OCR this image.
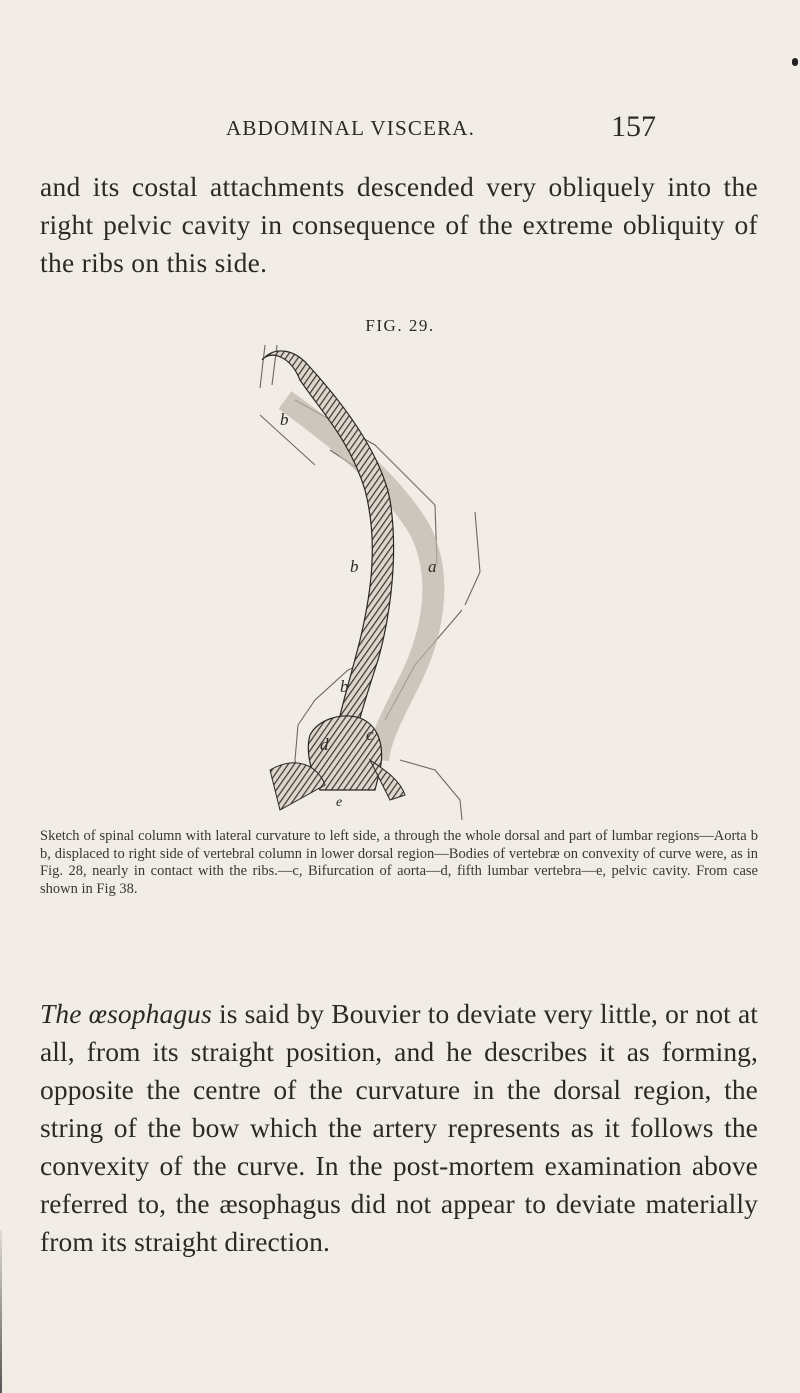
ABDOMINAL VISCERA.	157

and its costal attachments descended very obliquely into the right pelvic cavity in consequence of the extreme obliquity of the ribs on this side.

FIG. 29.
b
b
b
a
c
d
e

Sketch of spinal column with lateral curvature to left side, a through the whole dorsal and part of lumbar regions—Aorta b b, displaced to right side of vertebral column in lower dorsal region—Bodies of vertebræ on convexity of curve were, as in Fig. 28, nearly in contact with the ribs.—c, Bifurcation of aorta—d, fifth lumbar vertebra—e, pelvic cavity. From case shown in Fig 38.

The œsophagus is said by Bouvier to deviate very little, or not at all, from its straight position, and he describes it as forming, opposite the centre of the curvature in the dorsal region, the string of the bow which the artery represents as it follows the convexity of the curve. In the post-mortem examination above referred to, the æsophagus did not appear to deviate materially from its straight direction.
